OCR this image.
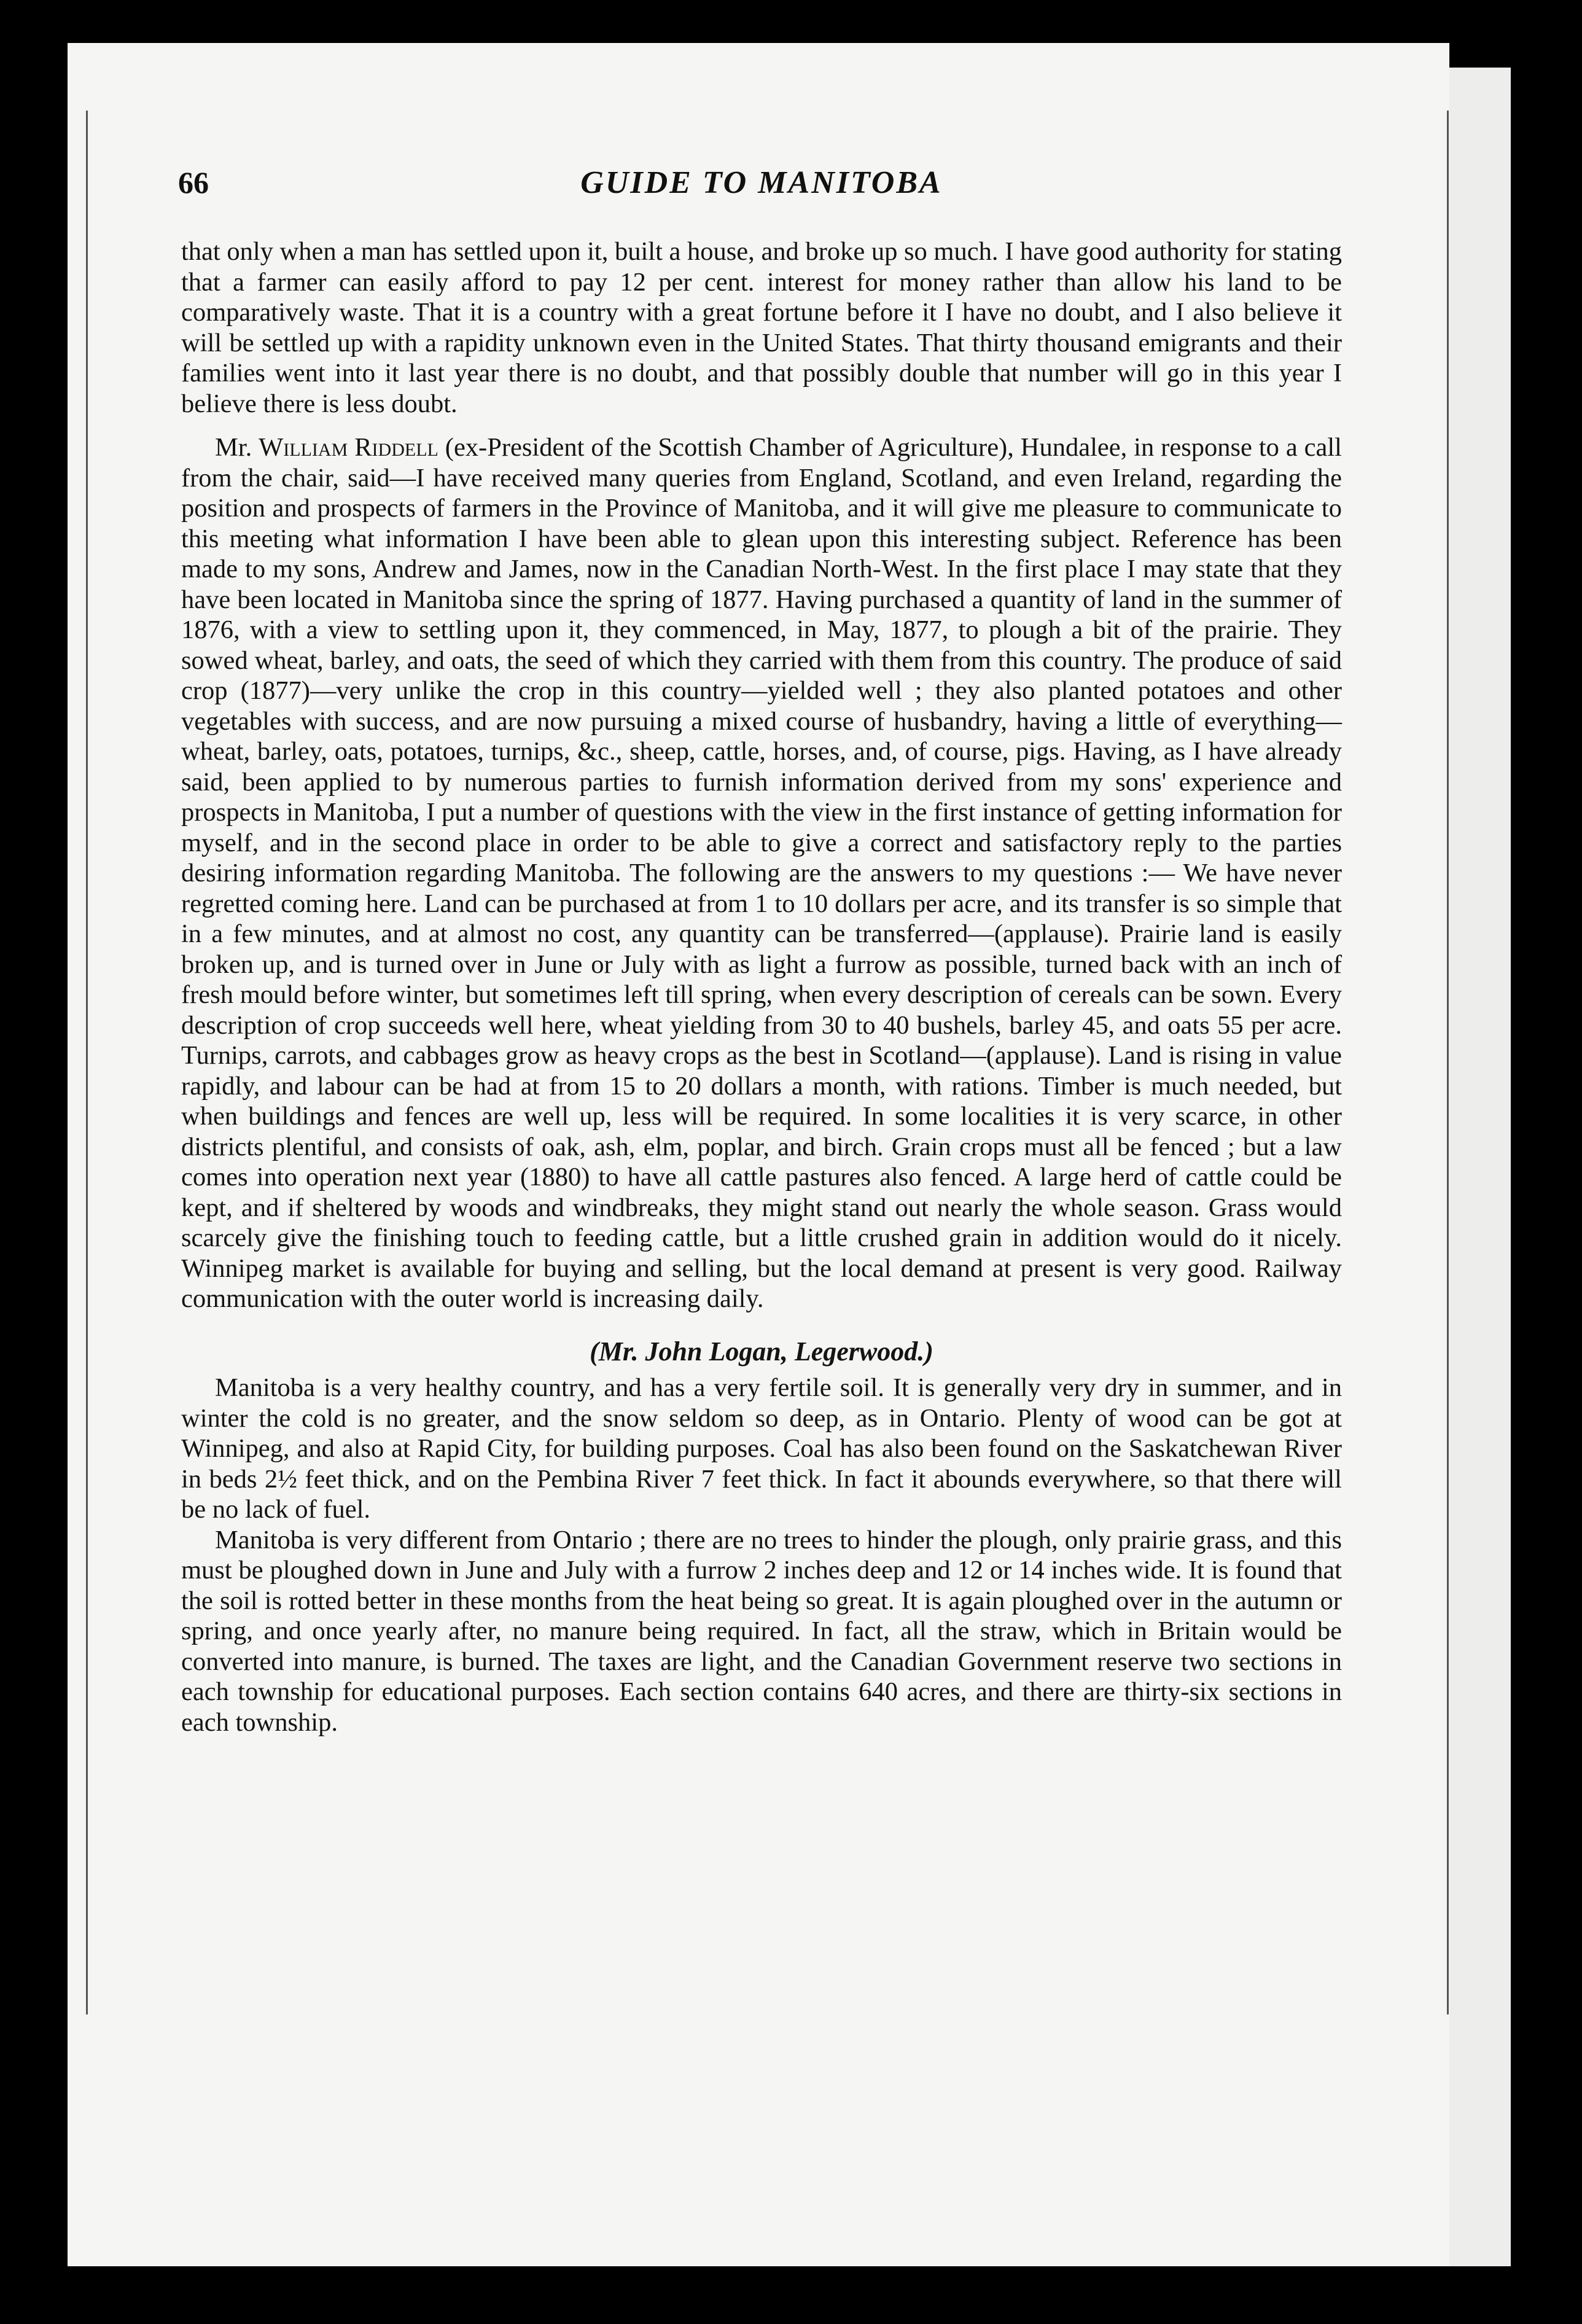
66	GUIDE TO MANITOBA

that only when a man has settled upon it, built a house, and broke up so much. I have good authority for stating that a farmer can easily afford to pay 12 per cent. interest for money rather than allow his land to be comparatively waste. That it is a country with a great fortune before it I have no doubt, and I also believe it will be settled up with a rapidity unknown even in the United States. That thirty thousand emigrants and their families went into it last year there is no doubt, and that possibly double that number will go in this year I believe there is less doubt.

Mr. William Riddell (ex-President of the Scottish Chamber of Agriculture), Hundalee, in response to a call from the chair, said—I have received many queries from England, Scotland, and even Ireland, regarding the position and prospects of farmers in the Province of Manitoba, and it will give me pleasure to communicate to this meeting what information I have been able to glean upon this interesting subject. Reference has been made to my sons, Andrew and James, now in the Canadian North-West. In the first place I may state that they have been located in Manitoba since the spring of 1877. Having purchased a quantity of land in the summer of 1876, with a view to settling upon it, they commenced, in May, 1877, to plough a bit of the prairie. They sowed wheat, barley, and oats, the seed of which they carried with them from this country. The produce of said crop (1877)—very unlike the crop in this country—yielded well ; they also planted potatoes and other vegetables with success, and are now pursuing a mixed course of husbandry, having a little of everything—wheat, barley, oats, potatoes, turnips, &c., sheep, cattle, horses, and, of course, pigs. Having, as I have already said, been applied to by numerous parties to furnish information derived from my sons' experience and prospects in Manitoba, I put a number of questions with the view in the first instance of getting information for myself, and in the second place in order to be able to give a correct and satisfactory reply to the parties desiring information regarding Manitoba. The following are the answers to my questions :— We have never regretted coming here. Land can be purchased at from 1 to 10 dollars per acre, and its transfer is so simple that in a few minutes, and at almost no cost, any quantity can be transferred—(applause). Prairie land is easily broken up, and is turned over in June or July with as light a furrow as possible, turned back with an inch of fresh mould before winter, but sometimes left till spring, when every description of cereals can be sown. Every description of crop succeeds well here, wheat yielding from 30 to 40 bushels, barley 45, and oats 55 per acre. Turnips, carrots, and cabbages grow as heavy crops as the best in Scotland—(applause). Land is rising in value rapidly, and labour can be had at from 15 to 20 dollars a month, with rations. Timber is much needed, but when buildings and fences are well up, less will be required. In some localities it is very scarce, in other districts plentiful, and consists of oak, ash, elm, poplar, and birch. Grain crops must all be fenced ; but a law comes into operation next year (1880) to have all cattle pastures also fenced. A large herd of cattle could be kept, and if sheltered by woods and windbreaks, they might stand out nearly the whole season. Grass would scarcely give the finishing touch to feeding cattle, but a little crushed grain in addition would do it nicely. Winnipeg market is available for buying and selling, but the local demand at present is very good. Railway communication with the outer world is increasing daily.

(Mr. John Logan, Legerwood.)

Manitoba is a very healthy country, and has a very fertile soil. It is generally very dry in summer, and in winter the cold is no greater, and the snow seldom so deep, as in Ontario. Plenty of wood can be got at Winnipeg, and also at Rapid City, for building purposes. Coal has also been found on the Saskatchewan River in beds 2½ feet thick, and on the Pembina River 7 feet thick. In fact it abounds everywhere, so that there will be no lack of fuel.

Manitoba is very different from Ontario ; there are no trees to hinder the plough, only prairie grass, and this must be ploughed down in June and July with a furrow 2 inches deep and 12 or 14 inches wide. It is found that the soil is rotted better in these months from the heat being so great. It is again ploughed over in the autumn or spring, and once yearly after, no manure being required. In fact, all the straw, which in Britain would be converted into manure, is burned. The taxes are light, and the Canadian Government reserve two sections in each township for educational purposes. Each section contains 640 acres, and there are thirty-six sections in each township.
